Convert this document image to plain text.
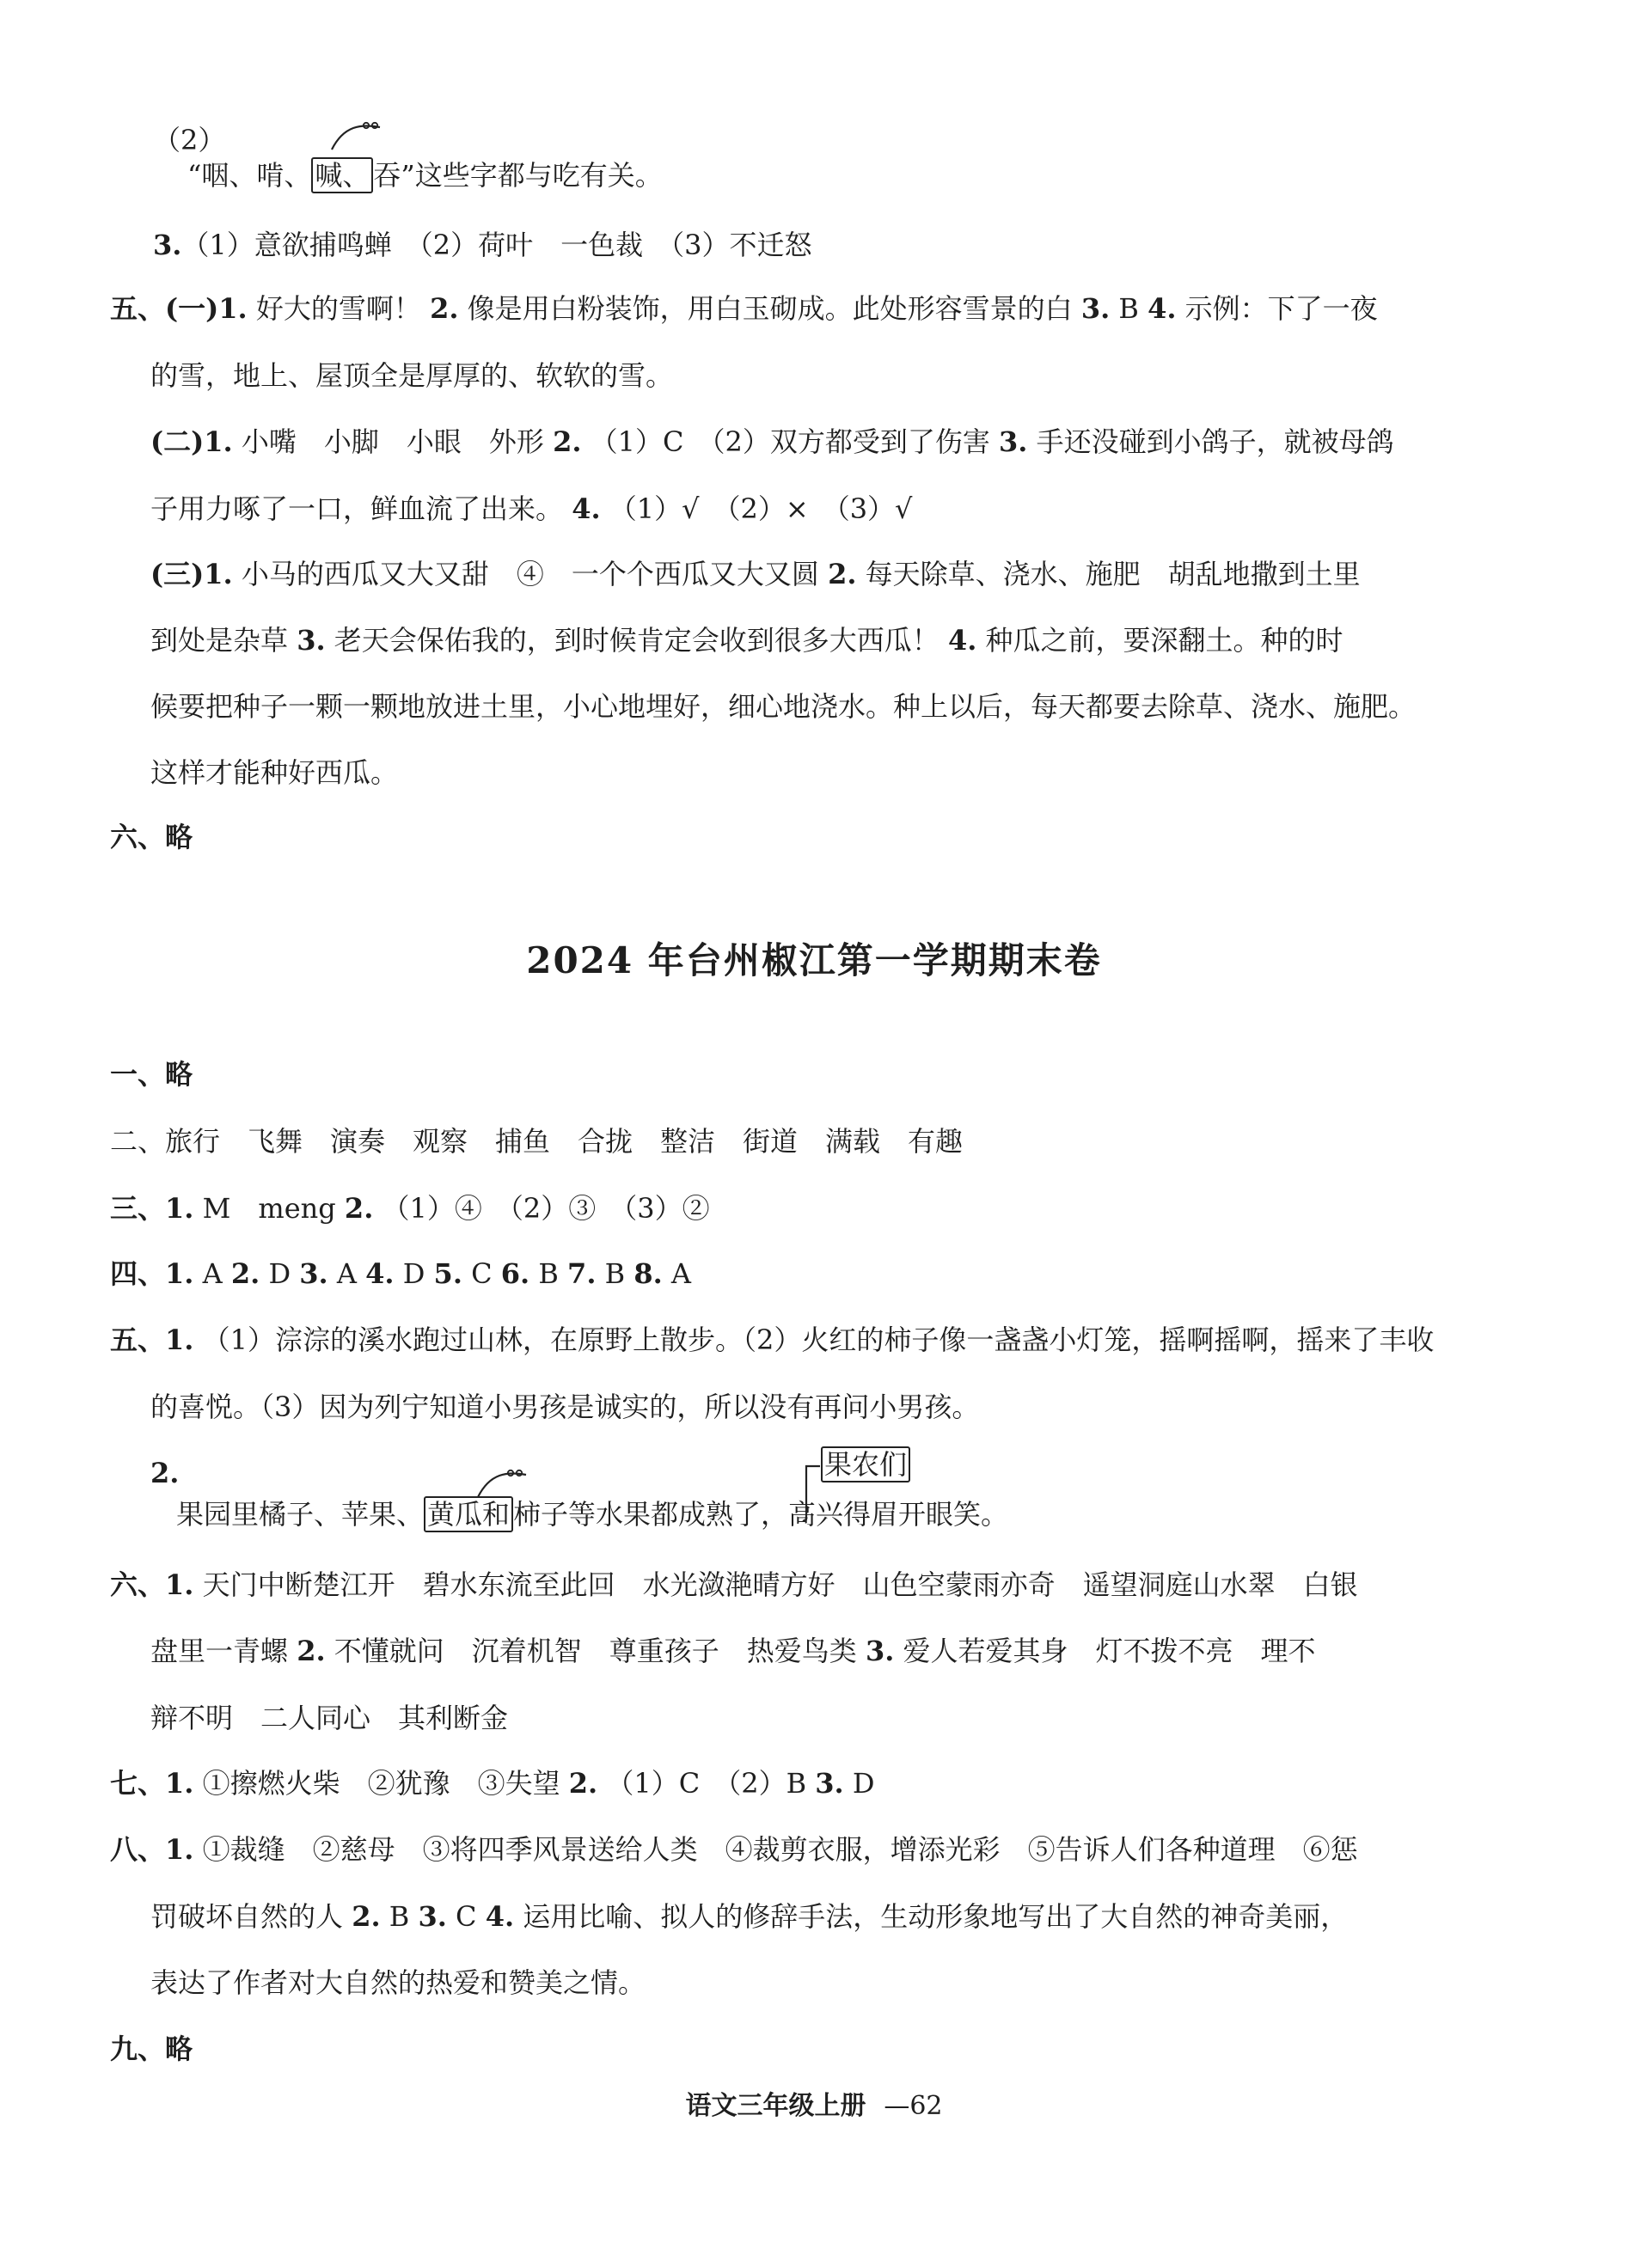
（2）
“咽、啃、 喊、 吞”这些字都与吃有关。
3.（1）意欲捕鸣蝉　（2）荷叶　一色裁　（3）不迁怒
五、(一)1. 好大的雪啊！ 2. 像是用白粉装饰，用白玉砌成。此处形容雪景的白 3. B 4. 示例：下了一夜
的雪，地上、屋顶全是厚厚的、软软的雪。
(二)1. 小嘴　小脚　小眼　外形 2. （1）C　（2）双方都受到了伤害 3. 手还没碰到小鸽子，就被母鸽
子用力啄了一口，鲜血流了出来。 4. （1）√　（2）×　（3）√
(三)1. 小马的西瓜又大又甜　④　一个个西瓜又大又圆 2. 每天除草、浇水、施肥　胡乱地撒到土里
到处是杂草 3. 老天会保佑我的，到时候肯定会收到很多大西瓜！ 4. 种瓜之前，要深翻土。种的时
候要把种子一颗一颗地放进土里，小心地埋好，细心地浇水。种上以后，每天都要去除草、浇水、施肥。
这样才能种好西瓜。
六、略
2024 年台州椒江第一学期期末卷
一、略
二、旅行　飞舞　演奏　观察　捕鱼　合拢　整洁　街道　满载　有趣
三、1. M　meng 2. （1）④　（2）③　（3）②
四、1. A 2. D 3. A 4. D 5. C 6. B 7. B 8. A
五、1. （1）淙淙的溪水跑过山林，在原野上散步。（2）火红的柿子像一盏盏小灯笼，摇啊摇啊，摇来了丰收
的喜悦。（3）因为列宁知道小男孩是诚实的，所以没有再问小男孩。
2.	果农们
果园里橘子、苹果、 黄瓜和 柿子等水果都成熟了，高兴得眉开眼笑。
六、1. 天门中断楚江开　碧水东流至此回　水光潋滟晴方好　山色空蒙雨亦奇　遥望洞庭山水翠　白银
盘里一青螺 2. 不懂就问　沉着机智　尊重孩子　热爱鸟类 3. 爱人若爱其身　灯不拨不亮　理不
辩不明　二人同心　其利断金
七、1. ①擦燃火柴　②犹豫　③失望 2. （1）C　（2）B 3. D
八、1. ①裁缝　②慈母　③将四季风景送给人类　④裁剪衣服，增添光彩　⑤告诉人们各种道理　⑥惩
罚破坏自然的人 2. B 3. C 4. 运用比喻、拟人的修辞手法，生动形象地写出了大自然的神奇美丽，
表达了作者对大自然的热爱和赞美之情。
九、略
语文三年级上册 —62
